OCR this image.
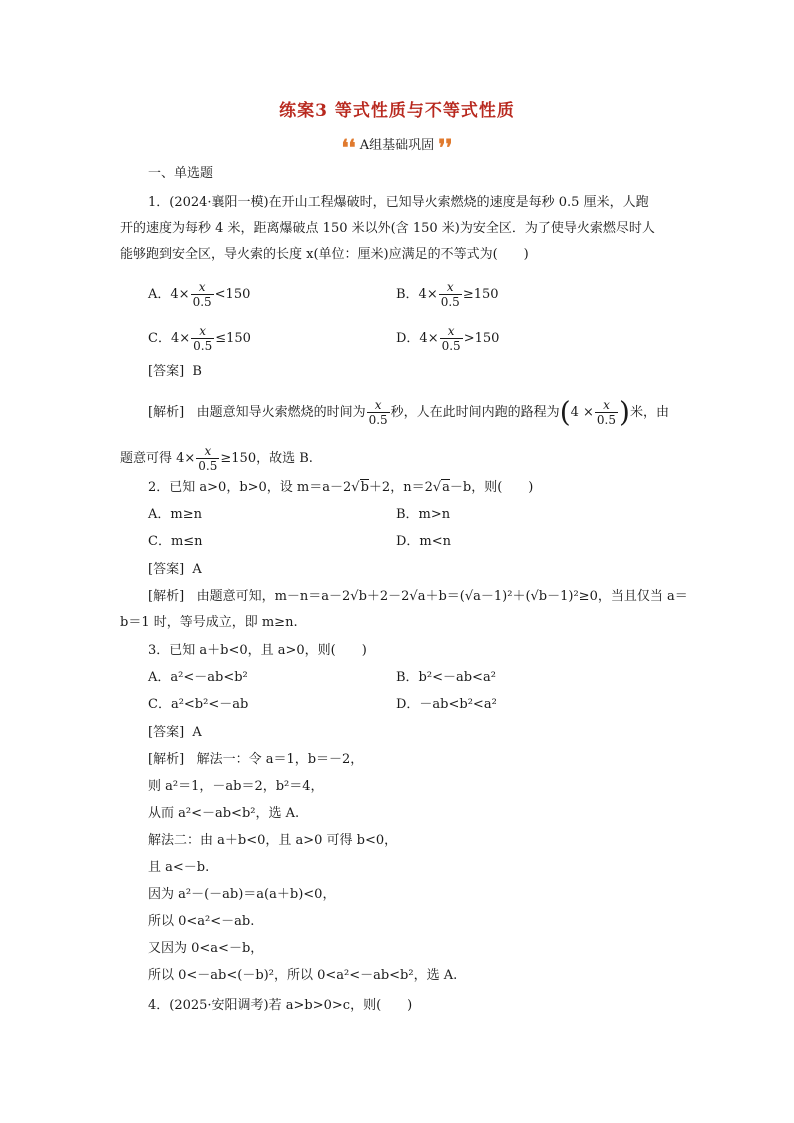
练案3 等式性质与不等式性质
❛❛ A组基础巩固 ❜❜
一、单选题
1．(2024·襄阳一模)在开山工程爆破时，已知导火索燃烧的速度是每秒 0.5 厘米，人跑
开的速度为每秒 4 米，距离爆破点 150 米以外(含 150 米)为安全区．为了使导火索燃尽时人
能够跑到安全区，导火索的长度 x(单位：厘米)应满足的不等式为(　　)
A．$4\times \frac{x}{0.5} <150$	B．$4\times \frac{x}{0.5} \ge 150$
C．$4\times \frac{x}{0.5} \le 150$	D．$4\times \frac{x}{0.5} >150$
[答案] B
[解析] 由题意知导火索燃烧的时间为 $\frac{x}{0.5}$ 秒，人在此时间内跑的路程为($4 \times \frac{x}{0.5}$ )米，由
题意可得 $4\times \frac{x}{0.5} \ge 150$，故选 B.
2．已知 a>0，b>0，设 m＝a－2√b＋2，n＝2√a－b，则(　　)
A．m≥n	B．m>n
C．m≤n	D．m<n
[答案] A
[解析] 由题意可知，m－n＝a－2√b＋2－2√a＋b＝(√a－1)²＋(√b－1)²≥0，当且仅当 a＝
b＝1 时，等号成立，即 m≥n.
3．已知 a＋b<0，且 a>0，则(　　)
A．a²<－ab<b²	B．b²<－ab<a²
C．a²<b²<－ab	D．－ab<b²<a²
[答案] A
[解析] 解法一：令 a＝1，b＝－2，
则 a²＝1，－ab＝2，b²＝4，
从而 a²<－ab<b²，选 A.
解法二：由 a＋b<0，且 a>0 可得 b<0，
且 a<－b.
因为 a²－(－ab)＝a(a＋b)<0，
所以 0<a²<－ab.
又因为 0<a<－b，
所以 0<－ab<(－b)²，所以 0<a²<－ab<b²，选 A.
4．(2025·安阳调考)若 a>b>0>c，则(　　)
